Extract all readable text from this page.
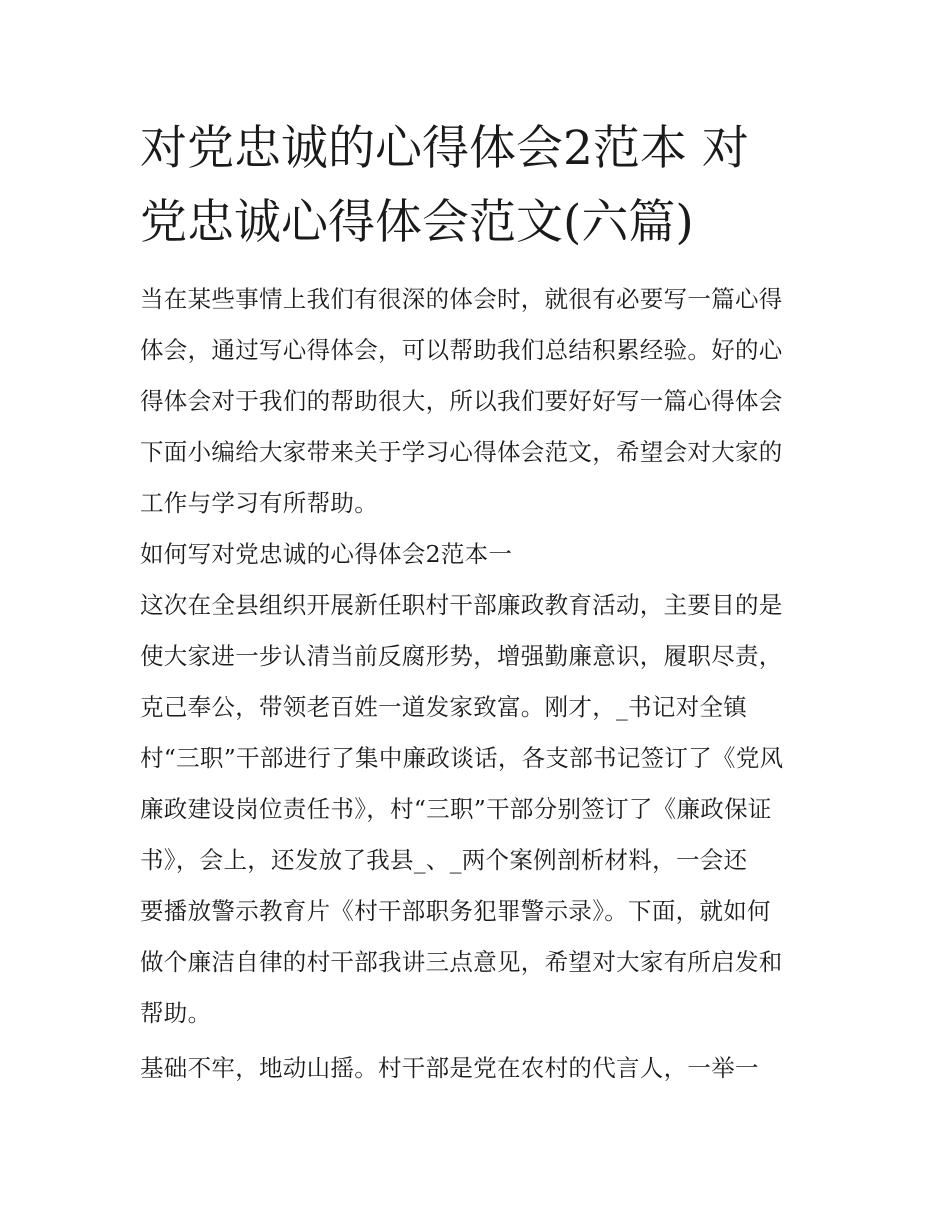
对党忠诚的心得体会2范本 对
党忠诚心得体会范文(六篇)

当在某些事情上我们有很深的体会时，就很有必要写一篇心得
体会，通过写心得体会，可以帮助我们总结积累经验。好的心
得体会对于我们的帮助很大，所以我们要好好写一篇心得体会
下面小编给大家带来关于学习心得体会范文，希望会对大家的
工作与学习有所帮助。

如何写对党忠诚的心得体会2范本一

这次在全县组织开展新任职村干部廉政教育活动，主要目的是
使大家进一步认清当前反腐形势，增强勤廉意识，履职尽责，
克己奉公，带领老百姓一道发家致富。刚才，_书记对全镇
村“三职”干部进行了集中廉政谈话，各支部书记签订了《党风
廉政建设岗位责任书》，村“三职”干部分别签订了《廉政保证
书》，会上，还发放了我县_、_两个案例剖析材料，一会还
要播放警示教育片《村干部职务犯罪警示录》。下面，就如何
做个廉洁自律的村干部我讲三点意见，希望对大家有所启发和
帮助。

基础不牢，地动山摇。村干部是党在农村的代言人，一举一
